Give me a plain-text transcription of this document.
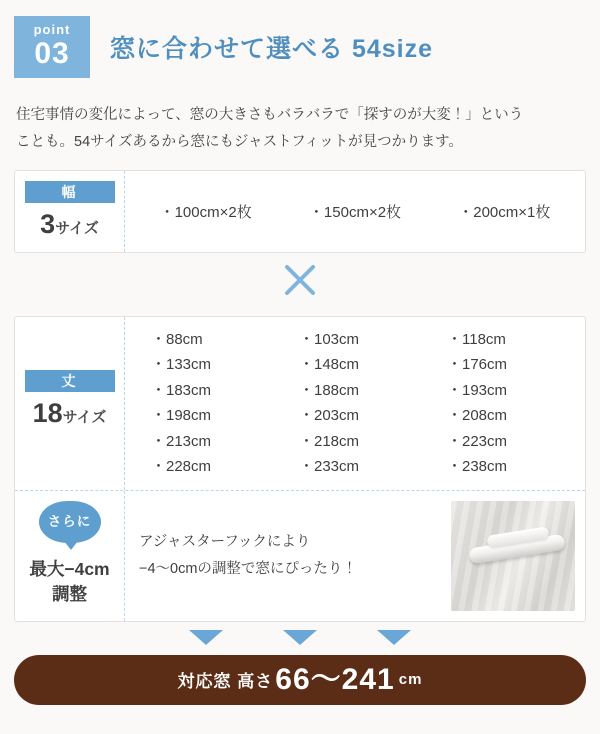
point
03	窓に合わせて選べる 54size
住宅事情の変化によって、窓の大きさもバラバラで「探すのが大変！」という
ことも。54サイズあるから窓にもジャストフィットが見つかります。
幅
3サイズ
・100cm×2枚	・150cm×2枚	・200cm×1枚
丈
18サイズ
・88cm	・103cm	・118cm
・133cm	・148cm	・176cm
・183cm	・188cm	・193cm
・198cm	・203cm	・208cm
・213cm	・218cm	・223cm
・228cm	・233cm	・238cm
さらに
最大−4cm
調整
アジャスターフックにより
−4〜0cmの調整で窓にぴったり！
対応窓 高さ 66〜241 cm
